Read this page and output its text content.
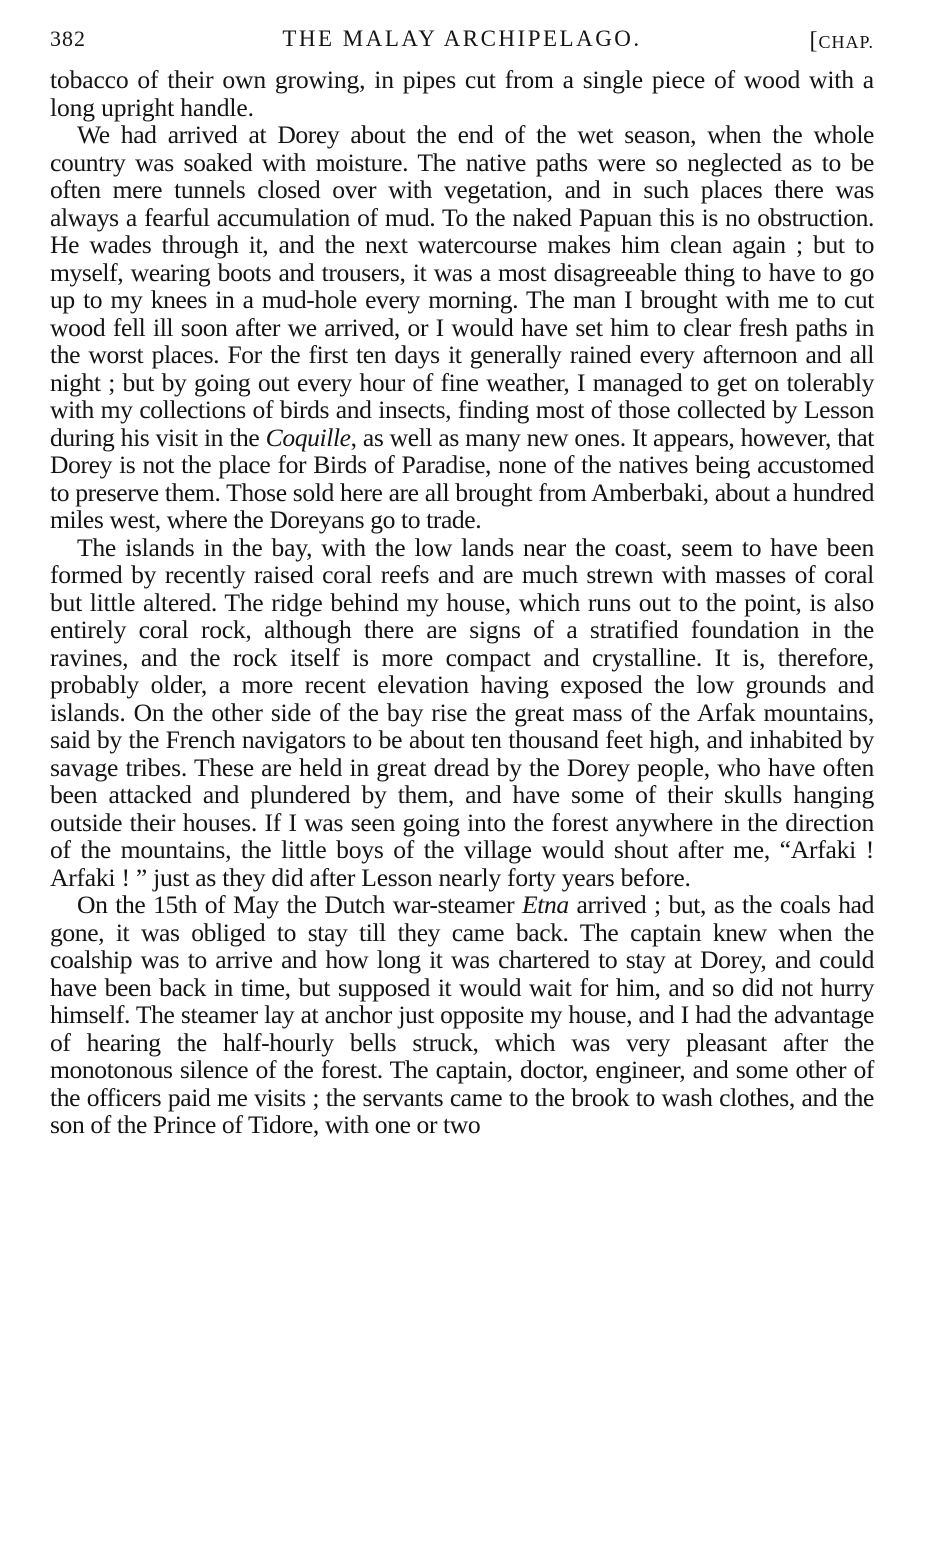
382	THE MALAY ARCHIPELAGO.	[CHAP.

tobacco of their own growing, in pipes cut from a single piece of wood with a long upright handle.

We had arrived at Dorey about the end of the wet season, when the whole country was soaked with moisture. The native paths were so neglected as to be often mere tunnels closed over with vegetation, and in such places there was always a fearful accumulation of mud. To the naked Papuan this is no obstruction. He wades through it, and the next watercourse makes him clean again ; but to myself, wearing boots and trousers, it was a most disagreeable thing to have to go up to my knees in a mud-hole every morning. The man I brought with me to cut wood fell ill soon after we arrived, or I would have set him to clear fresh paths in the worst places. For the first ten days it generally rained every afternoon and all night ; but by going out every hour of fine weather, I managed to get on tolerably with my collections of birds and insects, finding most of those collected by Lesson during his visit in the Coquille, as well as many new ones. It appears, however, that Dorey is not the place for Birds of Paradise, none of the natives being accustomed to preserve them. Those sold here are all brought from Amberbaki, about a hundred miles west, where the Doreyans go to trade.

The islands in the bay, with the low lands near the coast, seem to have been formed by recently raised coral reefs and are much strewn with masses of coral but little altered. The ridge behind my house, which runs out to the point, is also entirely coral rock, although there are signs of a stratified foundation in the ravines, and the rock itself is more compact and crystalline. It is, therefore, probably older, a more recent elevation having exposed the low grounds and islands. On the other side of the bay rise the great mass of the Arfak mountains, said by the French navigators to be about ten thousand feet high, and inhabited by savage tribes. These are held in great dread by the Dorey people, who have often been attacked and plundered by them, and have some of their skulls hanging outside their houses. If I was seen going into the forest anywhere in the direction of the mountains, the little boys of the village would shout after me, “Arfaki ! Arfaki ! ” just as they did after Lesson nearly forty years before.

On the 15th of May the Dutch war-steamer Etna arrived ; but, as the coals had gone, it was obliged to stay till they came back. The captain knew when the coalship was to arrive and how long it was chartered to stay at Dorey, and could have been back in time, but supposed it would wait for him, and so did not hurry himself. The steamer lay at anchor just opposite my house, and I had the advantage of hearing the half-hourly bells struck, which was very pleasant after the monotonous silence of the forest. The captain, doctor, engineer, and some other of the officers paid me visits ; the servants came to the brook to wash clothes, and the son of the Prince of Tidore, with one or two
